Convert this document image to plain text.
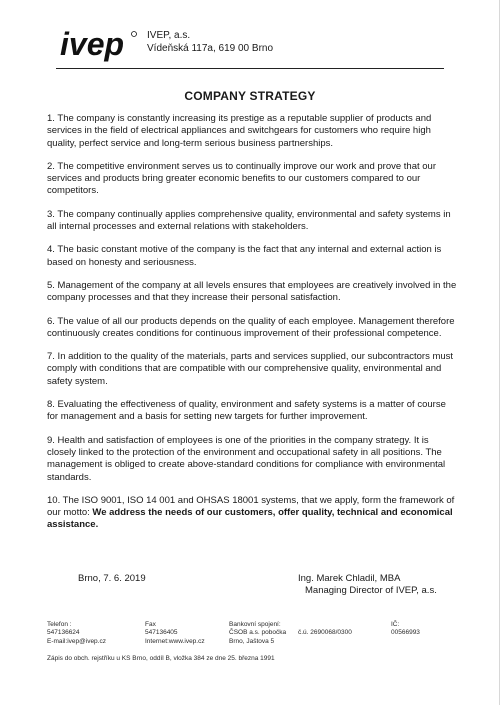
ivep IVEP, a.s.
Vídeňská 117a, 619 00 Brno
COMPANY STRATEGY

1. The company is constantly increasing its prestige as a reputable supplier of products and services in the field of electrical appliances and switchgears for customers who require high quality, perfect service and long-term serious business partnerships.

2. The competitive environment serves us to continually improve our work and prove that our services and products bring greater economic benefits to our customers compared to our competitors.

3. The company continually applies comprehensive quality, environmental and safety systems in all internal processes and external relations with stakeholders.

4. The basic constant motive of the company is the fact that any internal and external action is based on honesty and seriousness.

5. Management of the company at all levels ensures that employees are creatively involved in the company processes and that they increase their personal satisfaction.

6. The value of all our products depends on the quality of each employee. Management therefore continuously creates conditions for continuous improvement of their professional competence.

7. In addition to the quality of the materials, parts and services supplied, our subcontractors must comply with conditions that are compatible with our comprehensive quality, environmental and safety system.

8. Evaluating the effectiveness of quality, environment and safety systems is a matter of course for management and a basis for setting new targets for further improvement.

9. Health and satisfaction of employees is one of the priorities in the company strategy. It is closely linked to the protection of the environment and occupational safety in all positions. The management is obliged to create above-standard conditions for compliance with environmental standards.

10. The ISO 9001, ISO 14 001 and OHSAS 18001 systems, that we apply, form the framework of our motto: We address the needs of our customers, offer quality, technical and economical assistance.

Brno, 7. 6. 2019	Ing. Marek Chladil, MBA
Managing Director of IVEP, a.s.
Telefon :
547136624
E-mail:ivep@ivep.cz
Fax
547136405
Internet:www.ivep.cz
Bankovní spojení:
ČSOB a.s. pobočka
Brno, Jaštova 5
č.ú. 2690068/0300
IČ:
00566993
Zápis do obch. rejstříku u KS Brno, oddíl B, vložka 384 ze dne 25. března 1991
